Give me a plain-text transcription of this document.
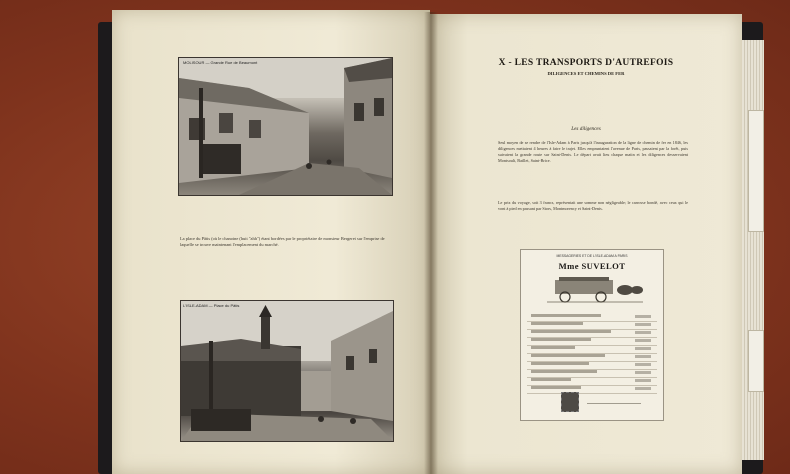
MOLISOUR — Grande Rue de Beaumont
La place du Pâtis (où le chanoine (huit "ahh") étant bordées par le propriétaire de monsieur Bergeret sur l'emprise de laquelle se trouve maintenant l'emplacement du marché.
L'ISLE-ADAM — Place du Pâtis
X - LES TRANSPORTS D'AUTREFOIS
DILIGENCES ET CHEMINS DE FER
Les diligences
Seul moyen de se rendre de l'Isle-Adam à Paris jusqu'à l'inauguration de la ligne de chemin de fer en 1846, les diligences mettaient 4 heures à faire le trajet. Elles empruntaient l'avenue de Paris, passaient par la forêt, puis suivaient la grande route sur Saint-Denis. Le départ avait lieu chaque matin et les diligences desservaient Montsoult, Baillet, Saint-Brice.
Le prix du voyage, soit 3 francs, représentait une somme non négligeable; le carrosse bondé, avec ceux qui le vont à pied en passant par Stors, Montmorency et Saint-Denis.
MESSAGERIES ET DE L'ISLE-ADAM A PARIS
Mme SUVELOT
